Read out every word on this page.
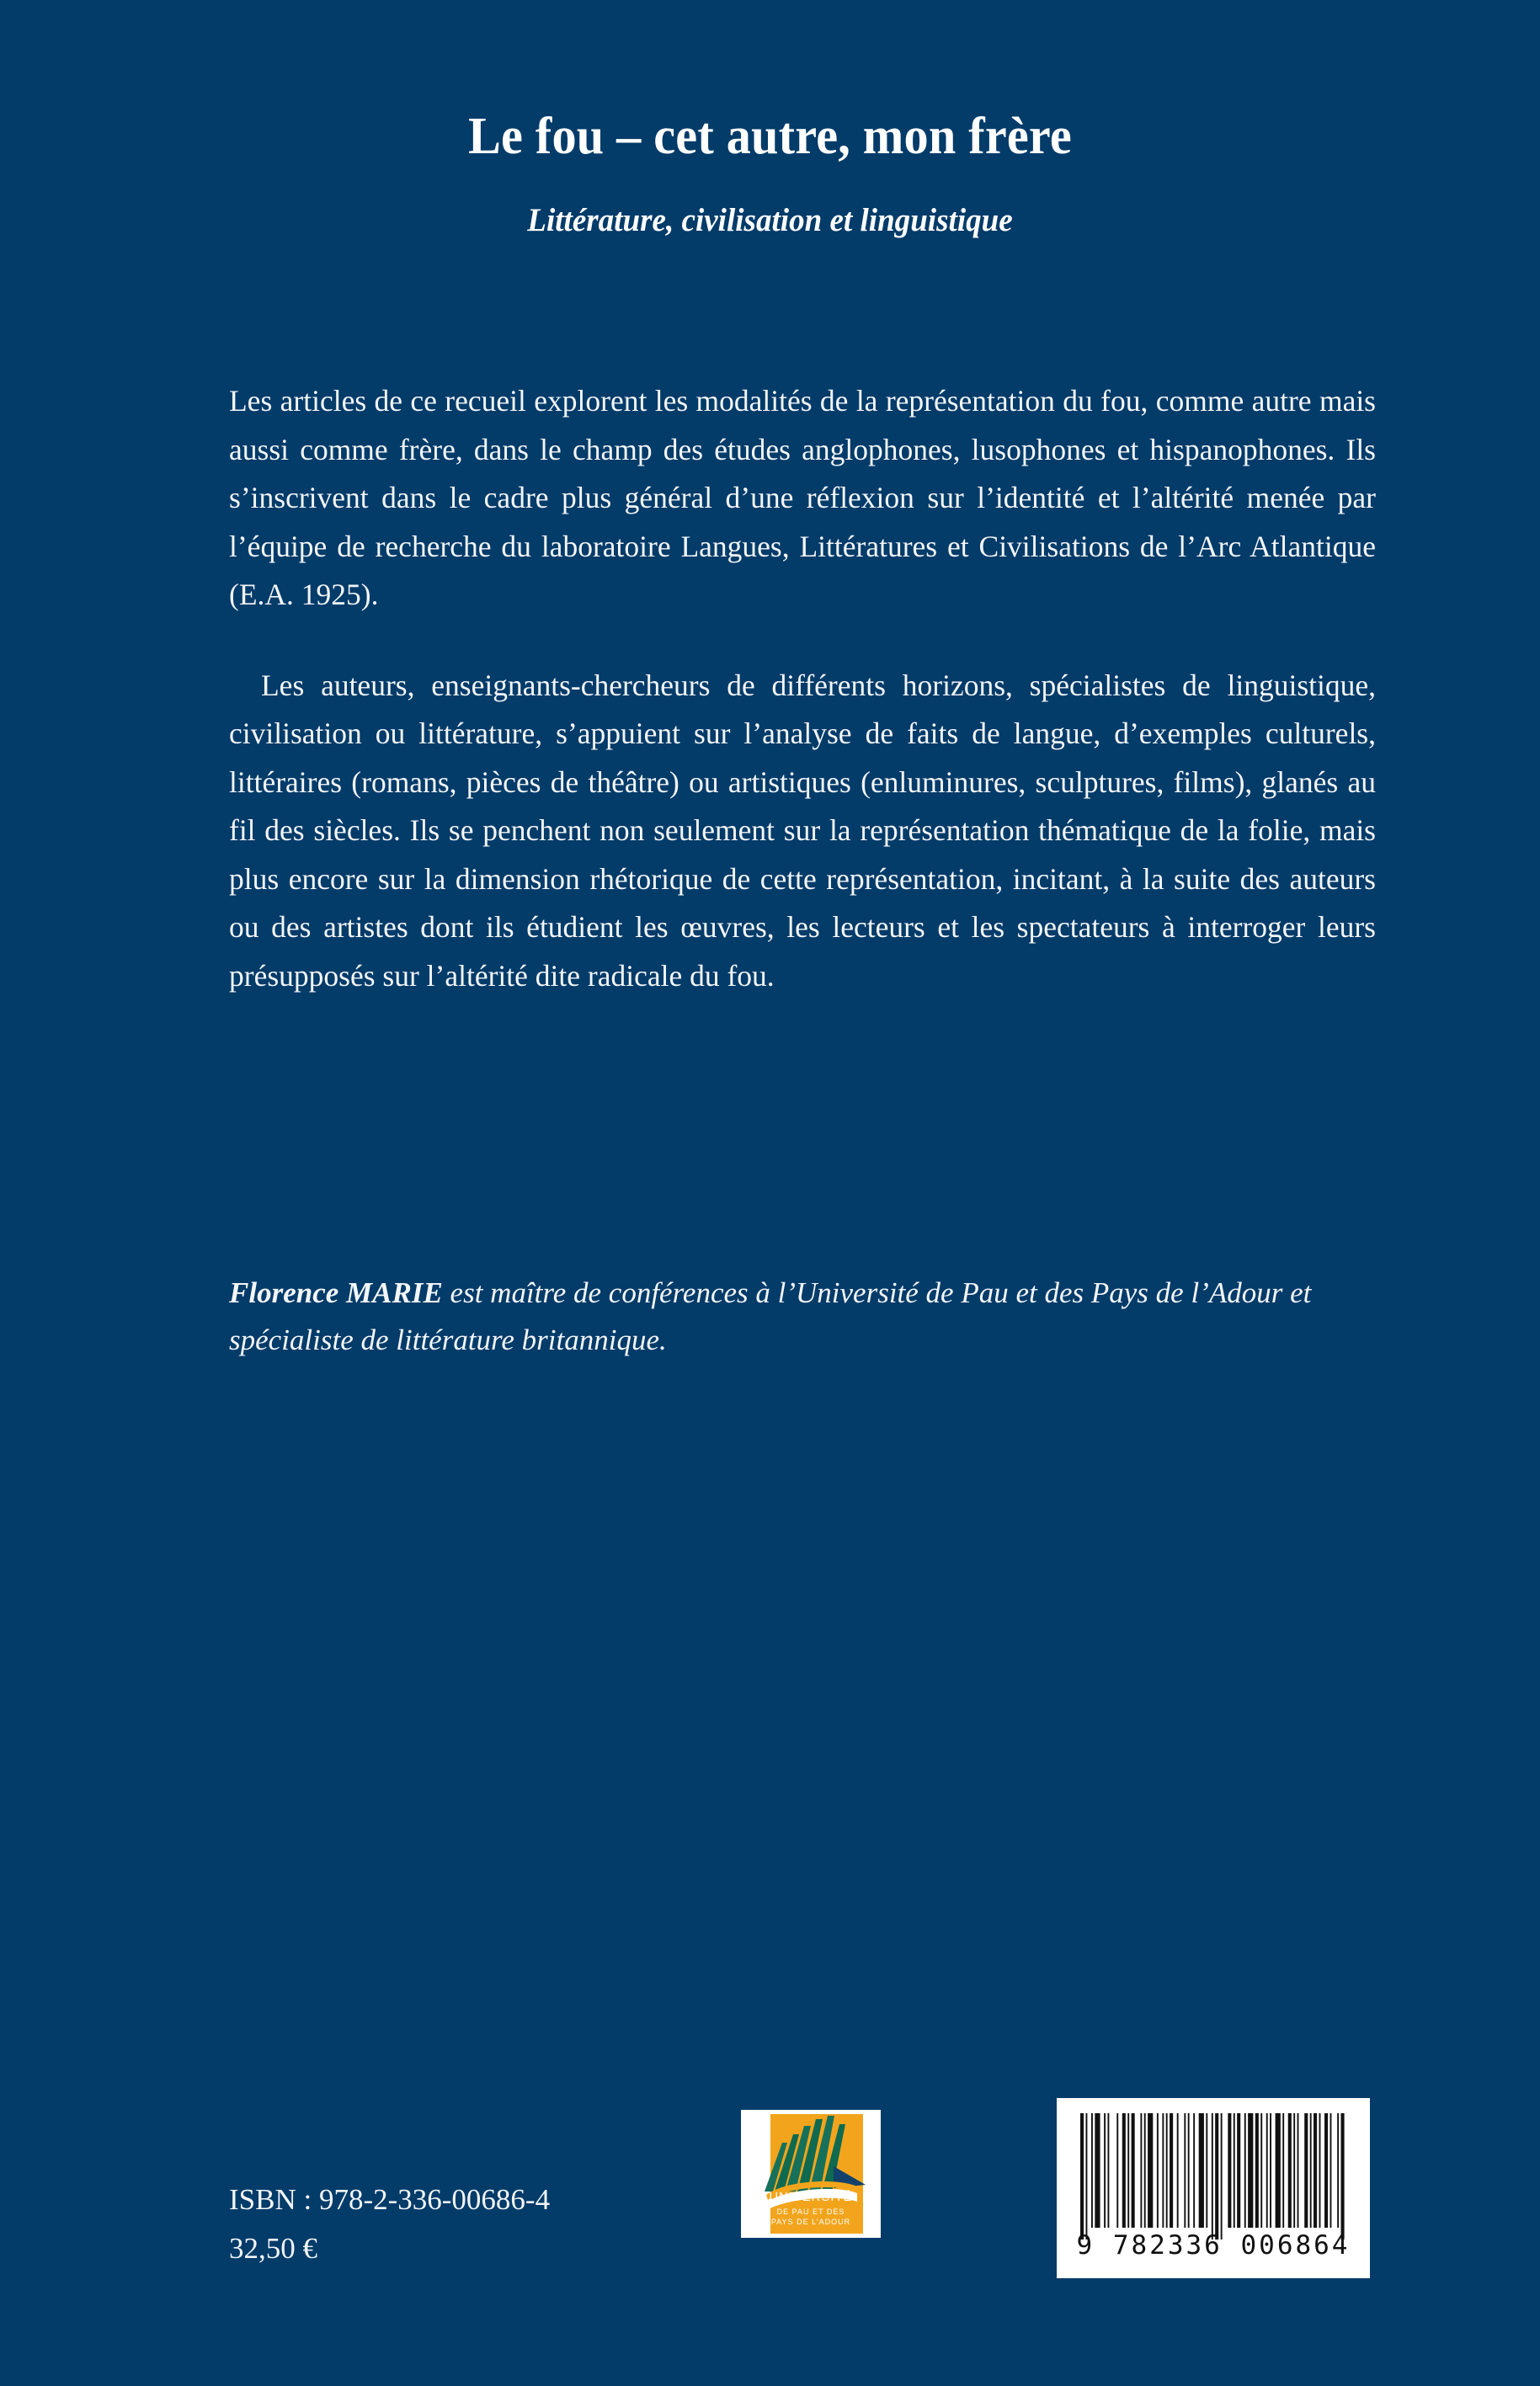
Le fou – cet autre, mon frère
Littérature, civilisation et linguistique

Les articles de ce recueil explorent les modalités de la représentation du fou, comme autre mais aussi comme frère, dans le champ des études anglophones, lusophones et hispanophones. Ils s’inscrivent dans le cadre plus général d’une réflexion sur l’identité et l’altérité menée par l’équipe de recherche du laboratoire Langues, Littératures et Civilisations de l’Arc Atlantique (E.A. 1925).

Les auteurs, enseignants-chercheurs de différents horizons, spécialistes de linguistique, civilisation ou littérature, s’appuient sur l’analyse de faits de langue, d’exemples culturels, littéraires (romans, pièces de théâtre) ou artistiques (enluminures, sculptures, films), glanés au fil des siècles. Ils se penchent non seulement sur la représentation thématique de la folie, mais plus encore sur la dimension rhétorique de cette représentation, incitant, à la suite des auteurs ou des artistes dont ils étudient les œuvres, les lecteurs et les spectateurs à interroger leurs présupposés sur l’altérité dite radicale du fou.

Florence MARIE est maître de conférences à l’Université de Pau et des Pays de l’Adour et spécialiste de littérature britannique.
ISBN : 978-2-336-00686-4
32,50 €
UNIVERSITÉ
DE PAU ET DES
PAYS DE L’ADOUR
9 782336 006864
